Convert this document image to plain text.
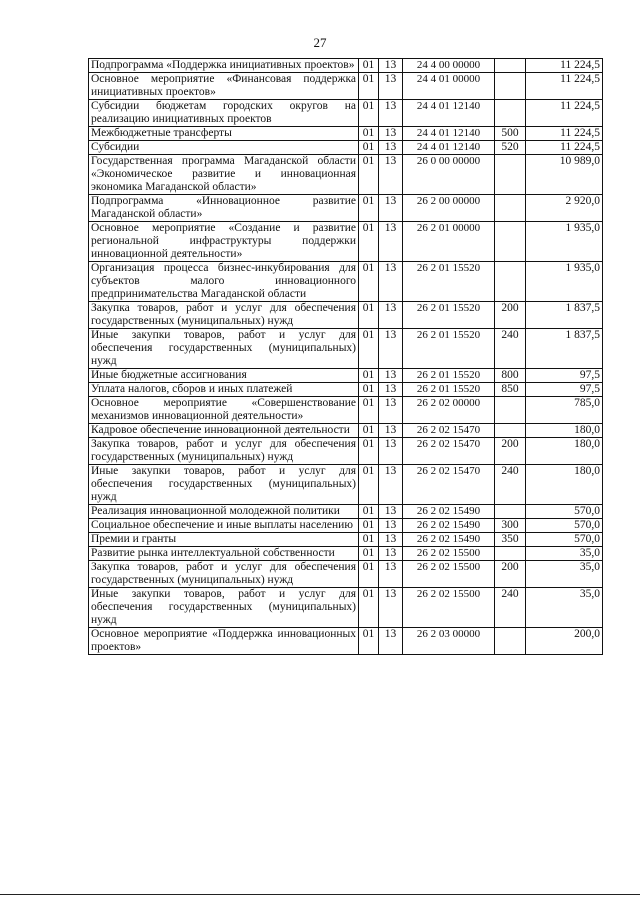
27
Подпрограмма «Поддержка инициативных проектов»	01	13	24 4 00 00000		11 224,5
Основное мероприятие «Финансовая поддержка инициативных проектов»	01	13	24 4 01 00000		11 224,5
Субсидии бюджетам городских округов на реализацию инициативных проектов	01	13	24 4 01 12140		11 224,5
Межбюджетные трансферты	01	13	24 4 01 12140	500	11 224,5
Субсидии	01	13	24 4 01 12140	520	11 224,5
Государственная программа Магаданской области «Экономическое развитие и инновационная экономика Магаданской области»	01	13	26 0 00 00000		10 989,0
Подпрограмма «Инновационное развитие Магаданской области»	01	13	26 2 00 00000		2 920,0
Основное мероприятие «Создание и развитие региональной инфраструктуры поддержки инновационной деятельности»	01	13	26 2 01 00000		1 935,0
Организация процесса бизнес-инкубирования для субъектов малого инновационного предпринимательства Магаданской области	01	13	26 2 01 15520		1 935,0
Закупка товаров, работ и услуг для обеспечения государственных (муниципальных) нужд	01	13	26 2 01 15520	200	1 837,5
Иные закупки товаров, работ и услуг для обеспечения государственных (муниципальных) нужд	01	13	26 2 01 15520	240	1 837,5
Иные бюджетные ассигнования	01	13	26 2 01 15520	800	97,5
Уплата налогов, сборов и иных платежей	01	13	26 2 01 15520	850	97,5
Основное мероприятие «Совершенствование механизмов инновационной деятельности»	01	13	26 2 02 00000		785,0
Кадровое обеспечение инновационной деятельности	01	13	26 2 02 15470		180,0
Закупка товаров, работ и услуг для обеспечения государственных (муниципальных) нужд	01	13	26 2 02 15470	200	180,0
Иные закупки товаров, работ и услуг для обеспечения государственных (муниципальных) нужд	01	13	26 2 02 15470	240	180,0
Реализация инновационной молодежной политики	01	13	26 2 02 15490		570,0
Социальное обеспечение и иные выплаты населению	01	13	26 2 02 15490	300	570,0
Премии и гранты	01	13	26 2 02 15490	350	570,0
Развитие рынка интеллектуальной собственности	01	13	26 2 02 15500		35,0
Закупка товаров, работ и услуг для обеспечения государственных (муниципальных) нужд	01	13	26 2 02 15500	200	35,0
Иные закупки товаров, работ и услуг для обеспечения государственных (муниципальных) нужд	01	13	26 2 02 15500	240	35,0
Основное мероприятие «Поддержка инновационных проектов»	01	13	26 2 03 00000		200,0
